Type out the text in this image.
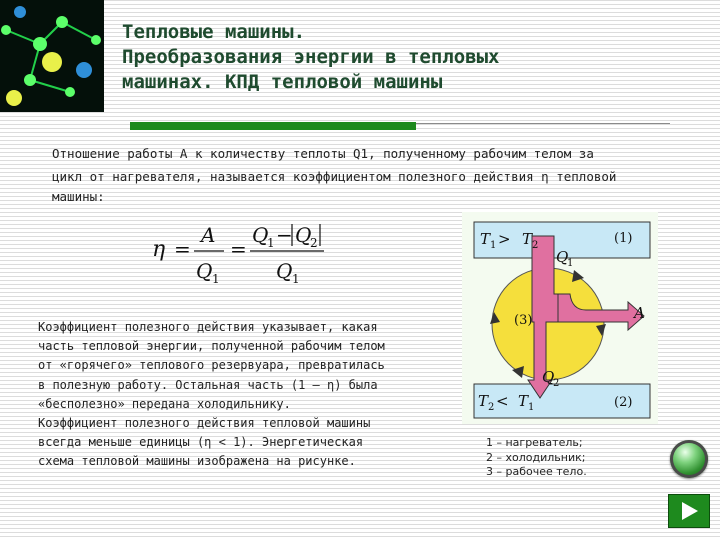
Тепловые машины.
Преобразования энергии в тепловых
машинах. КПД тепловой машины
Отношение работы A к количеству теплоты Q1, полученному рабочим телом за
цикл от нагревателя, называется коэффициентом полезного действия η тепловой
машины:
η =
A
Q 1
=
Q
1 − Q
2
Q 1
Коэффициент полезного действия указывает, какая
часть тепловой энергии, полученной рабочим телом
от «горячего» теплового резервуара, превратилась
в полезную работу. Остальная часть (1 – η) была
«бесполезно» передана холодильнику.
Коэффициент полезного действия тепловой машины
всегда меньше единицы (η < 1). Энергетическая
схема тепловой машины изображена на рисунке.
T 1 > T 2	(1)
Q
1
(3)	A
Q
2
T 2 < T 1	(2)
1 – нагреватель;
2 – холодильник;
3 – рабочее тело.
